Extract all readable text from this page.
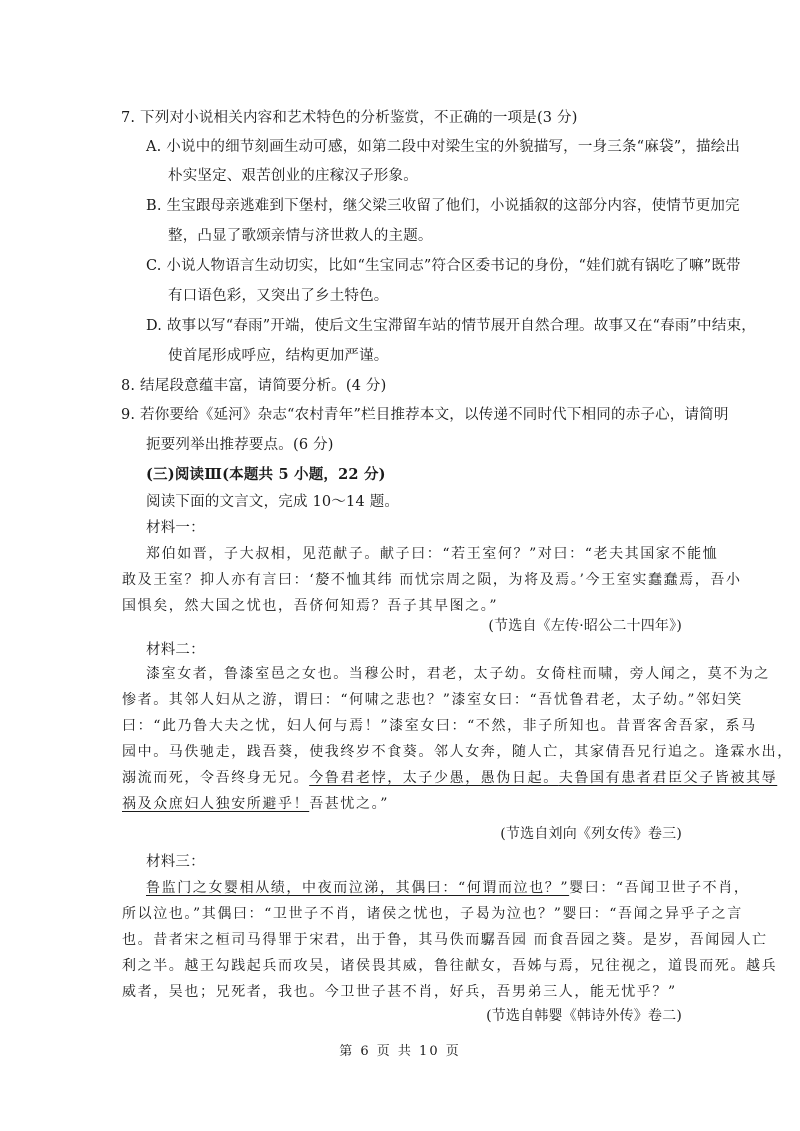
7. 下列对小说相关内容和艺术特色的分析鉴赏，不正确的一项是(3 分)
A. 小说中的细节刻画生动可感，如第二段中对梁生宝的外貌描写，一身三条“麻袋”，描绘出
朴实坚定、艰苦创业的庄稼汉子形象。
B. 生宝跟母亲逃难到下堡村，继父梁三收留了他们，小说插叙的这部分内容，使情节更加完
整，凸显了歌颂亲情与济世救人的主题。
C. 小说人物语言生动切实，比如“生宝同志”符合区委书记的身份，“娃们就有锅吃了嘛”既带
有口语色彩，又突出了乡土特色。
D. 故事以写“春雨”开端，使后文生宝滞留车站的情节展开自然合理。故事又在“春雨”中结束，
使首尾形成呼应，结构更加严谨。
8. 结尾段意蕴丰富，请简要分析。(4 分)
9. 若你要给《延河》杂志“农村青年”栏目推荐本文，以传递不同时代下相同的赤子心，请简明
扼要列举出推荐要点。(6 分)
(三)阅读Ⅲ(本题共 5 小题，22 分)
阅读下面的文言文，完成 10～14 题。
材料一：
郑伯如晋，子大叔相，见范献子。献子曰：“若王室何？”对曰：“老夫其国家不能恤
敢及王室？抑人亦有言曰：‘嫠不恤其纬 而忧宗周之陨，为将及焉。’今王室实蠢蠢焉，吾小
国惧矣，然大国之忧也，吾侪何知焉？吾子其早图之。”
(节选自《左传·昭公二十四年》)
材料二：
漆室女者，鲁漆室邑之女也。当穆公时，君老，太子幼。女倚柱而啸，旁人闻之，莫不为之
惨者。其邻人妇从之游，谓曰：“何啸之悲也？”漆室女曰：“吾忧鲁君老，太子幼。”邻妇笑
曰：“此乃鲁大夫之忧，妇人何与焉！”漆室女曰：“不然，非子所知也。昔晋客舍吾家，系马
园中。马佚驰走，践吾葵，使我终岁不食葵。邻人女奔，随人亡，其家倩吾兄行追之。逢霖水出，
溺流而死，令吾终身无兄。今鲁君老悖，太子少愚，愚伪日起。夫鲁国有患者君臣父子皆被其辱
祸及众庶妇人独安所避乎！吾甚忧之。”
(节选自刘向《列女传》卷三)
材料三：
鲁监门之女婴相从绩，中夜而泣涕，其偶曰：“何谓而泣也？”婴曰：“吾闻卫世子不肖，
所以泣也。”其偶曰：“卫世子不肖，诸侯之忧也，子曷为泣也？”婴曰：“吾闻之异乎子之言
也。昔者宋之桓司马得罪于宋君，出于鲁，其马佚而驏吾园 而食吾园之葵。是岁，吾闻园人亡
利之半。越王勾践起兵而攻吴，诸侯畏其威，鲁往献女，吾姊与焉，兄往视之，道畏而死。越兵
第 6 页 共 10 页
威者，吴也；兄死者，我也。今卫世子甚不肖，好兵，吾男弟三人，能无忧乎？”
(节选自韩婴《韩诗外传》卷二)
